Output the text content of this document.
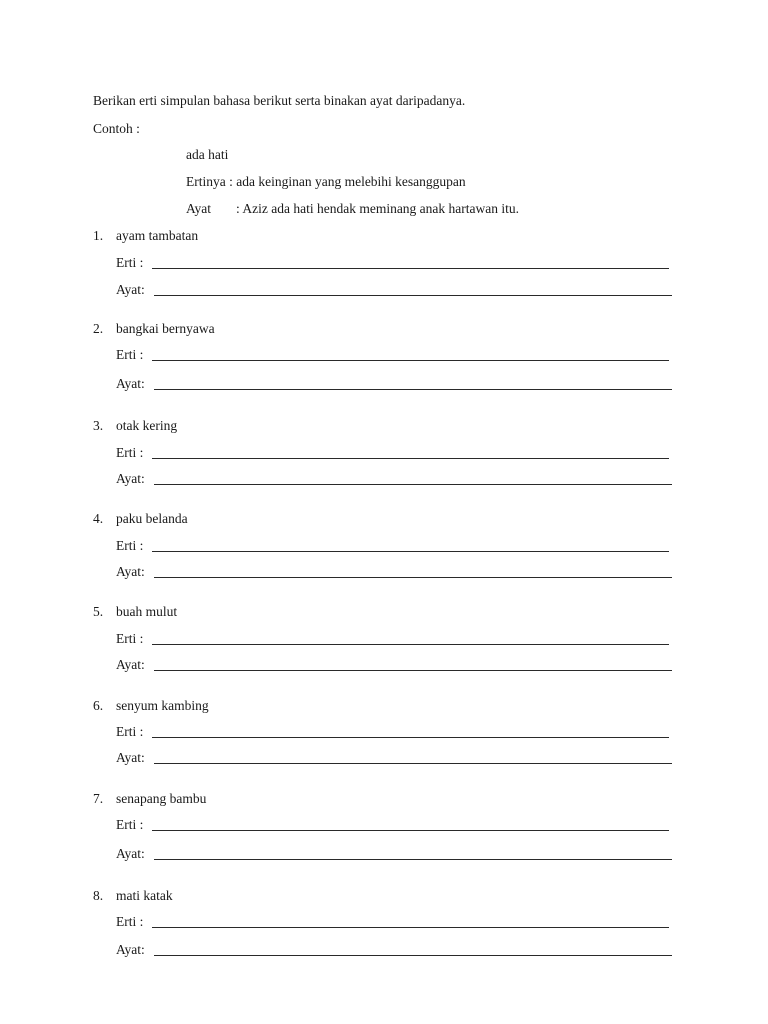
Berikan erti simpulan bahasa berikut serta binakan ayat daripadanya.
Contoh :
ada hati
Ertinya : ada keinginan yang melebihi kesanggupan
Ayat : Aziz ada hati hendak meminang anak hartawan itu.
1. ayam tambatan
Erti :
Ayat:
2. bangkai bernyawa
Erti :
Ayat:
3. otak kering
Erti :
Ayat:
4. paku belanda
Erti :
Ayat:
5. buah mulut
Erti :
Ayat:
6. senyum kambing
Erti :
Ayat:
7. senapang bambu
Erti :
Ayat:
8. mati katak
Erti :
Ayat:
